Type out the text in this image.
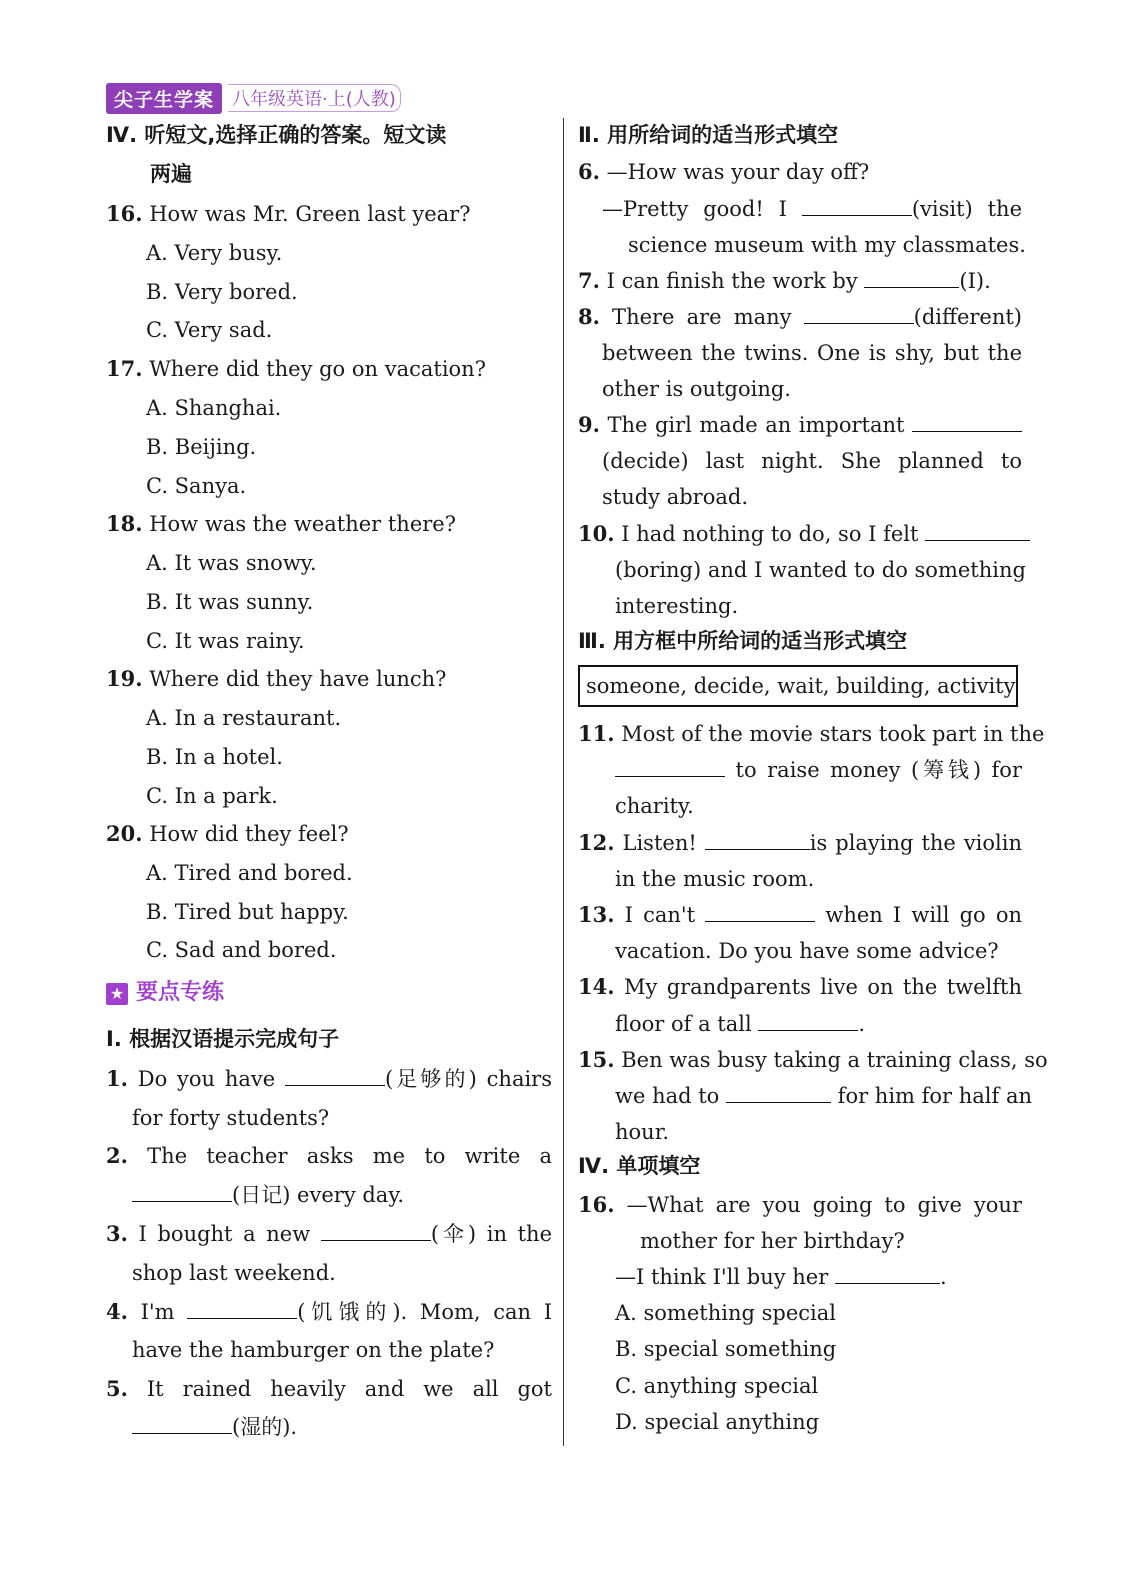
尖子生学案	八年级英语·上(人教)
Ⅳ. 听短文,选择正确的答案。短文读
两遍
16. How was Mr. Green last year?
A. Very busy.
B. Very bored.
C. Very sad.
17. Where did they go on vacation?
A. Shanghai.
B. Beijing.
C. Sanya.
18. How was the weather there?
A. It was snowy.
B. It was sunny.
C. It was rainy.
19. Where did they have lunch?
A. In a restaurant.
B. In a hotel.
C. In a park.
20. How did they feel?
A. Tired and bored.
B. Tired but happy.
C. Sad and bored.
★ 要点专练
Ⅰ. 根据汉语提示完成句子
1. Do you have	(足够的) chairs
for forty students?
2. The teacher asks me to write a
(日记) every day.
3. I bought a new	(伞) in the
shop last weekend.
4. I'm	(饥饿的). Mom, can I
have the hamburger on the plate?
5. It rained heavily and we all got
(湿的).
Ⅱ. 用所给词的适当形式填空
6. —How was your day off?
—Pretty good! I	(visit) the
science museum with my classmates.
7. I can finish the work by	(I).
8. There are many	(different)
between the twins. One is shy, but the
other is outgoing.
9. The girl made an important
(decide) last night. She planned to
study abroad.
10. I had nothing to do, so I felt
(boring) and I wanted to do something
interesting.
Ⅲ. 用方框中所给词的适当形式填空
someone, decide, wait, building, activity
11. Most of the movie stars took part in the
to raise money (筹钱) for
charity.
12. Listen!	is playing the violin
in the music room.
13. I can't	when I will go on
vacation. Do you have some advice?
14. My grandparents live on the twelfth
floor of a tall	.
15. Ben was busy taking a training class, so
we had to	for him for half an
hour.
Ⅳ. 单项填空
16. —What are you going to give your
mother for her birthday?
—I think I'll buy her	.
A. something special
B. special something
C. anything special
D. special anything
